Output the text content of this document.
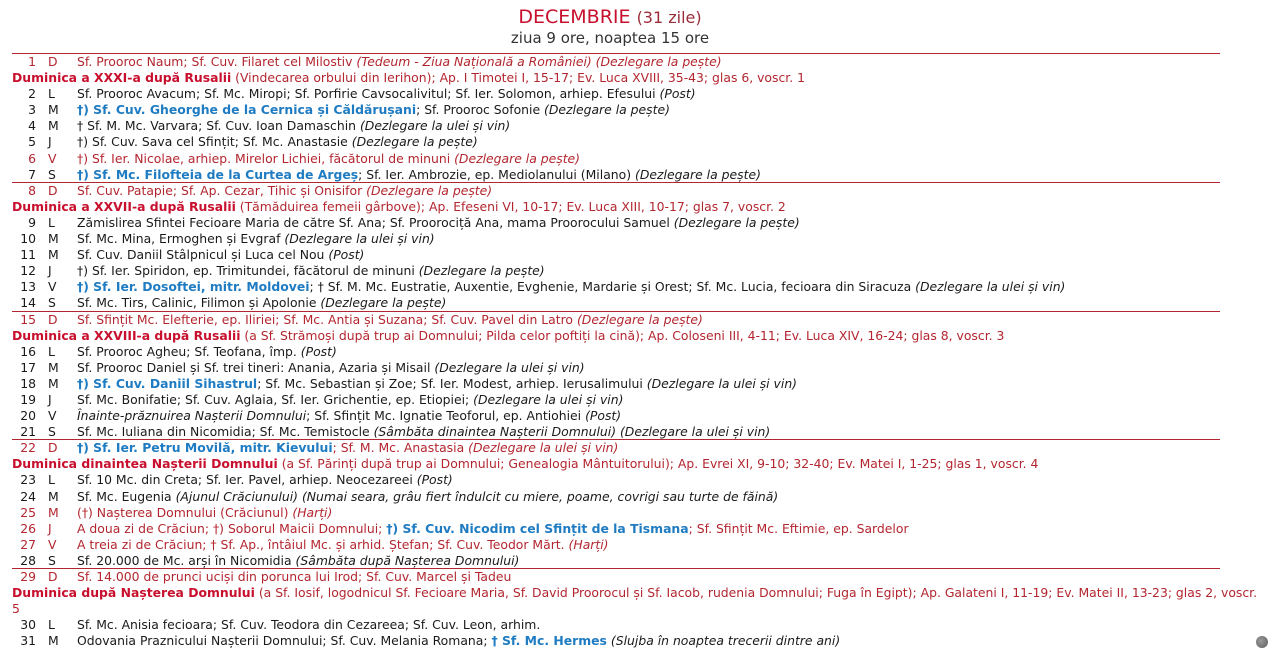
DECEMBRIE (31 zile)
ziua 9 ore, noaptea 15 ore
1 D	Sf. Prooroc Naum; Sf. Cuv. Filaret cel Milostiv (Tedeum - Ziua Națională a României) (Dezlegare la pește)
Duminica a XXXI-a după Rusalii (Vindecarea orbului din Ierihon); Ap. I Timotei I, 15-17; Ev. Luca XVIII, 35-43; glas 6, voscr. 1
2 L	Sf. Prooroc Avacum; Sf. Mc. Miropi; Sf. Porfirie Cavsocalivitul; Sf. Ier. Solomon, arhiep. Efesului (Post)
3 M	†) Sf. Cuv. Gheorghe de la Cernica și Căldărușani; Sf. Prooroc Sofonie (Dezlegare la pește)
4 M	† Sf. M. Mc. Varvara; Sf. Cuv. Ioan Damaschin (Dezlegare la ulei și vin)
5 J	†) Sf. Cuv. Sava cel Sfințit; Sf. Mc. Anastasie (Dezlegare la pește)
6 V	†) Sf. Ier. Nicolae, arhiep. Mirelor Lichiei, făcătorul de minuni (Dezlegare la pește)
7 S	†) Sf. Mc. Filofteia de la Curtea de Argeș; Sf. Ier. Ambrozie, ep. Mediolanului (Milano) (Dezlegare la pește)
8 D	Sf. Cuv. Patapie; Sf. Ap. Cezar, Tihic și Onisifor (Dezlegare la pește)
Duminica a XXVII-a după Rusalii (Tămăduirea femeii gârbove); Ap. Efeseni VI, 10-17; Ev. Luca XIII, 10-17; glas 7, voscr. 2
9 L	Zămislirea Sfintei Fecioare Maria de către Sf. Ana; Sf. Proorociță Ana, mama Proorocului Samuel (Dezlegare la pește)
10 M	Sf. Mc. Mina, Ermoghen și Evgraf (Dezlegare la ulei și vin)
11 M	Sf. Cuv. Daniil Stâlpnicul și Luca cel Nou (Post)
12 J	†) Sf. Ier. Spiridon, ep. Trimitundei, făcătorul de minuni (Dezlegare la pește)
13 V	†) Sf. Ier. Dosoftei, mitr. Moldovei; † Sf. M. Mc. Eustratie, Auxentie, Evghenie, Mardarie și Orest; Sf. Mc. Lucia, fecioara din Siracuza (Dezlegare la ulei și vin)
14 S	Sf. Mc. Tirs, Calinic, Filimon și Apolonie (Dezlegare la pește)
15 D	Sf. Sfințit Mc. Elefterie, ep. Iliriei; Sf. Mc. Antia și Suzana; Sf. Cuv. Pavel din Latro (Dezlegare la pește)
Duminica a XXVIII-a după Rusalii (a Sf. Strămoși după trup ai Domnului; Pilda celor poftiți la cină); Ap. Coloseni III, 4-11; Ev. Luca XIV, 16-24; glas 8, voscr. 3
16 L	Sf. Prooroc Agheu; Sf. Teofana, împ. (Post)
17 M	Sf. Prooroc Daniel și Sf. trei tineri: Anania, Azaria și Misail (Dezlegare la ulei și vin)
18 M	†) Sf. Cuv. Daniil Sihastrul; Sf. Mc. Sebastian și Zoe; Sf. Ier. Modest, arhiep. Ierusalimului (Dezlegare la ulei și vin)
19 J	Sf. Mc. Bonifatie; Sf. Cuv. Aglaia, Sf. Ier. Grichentie, ep. Etiopiei; (Dezlegare la ulei și vin)
20 V	Înainte-prăznuirea Nașterii Domnului; Sf. Sfințit Mc. Ignatie Teoforul, ep. Antiohiei (Post)
21 S	Sf. Mc. Iuliana din Nicomidia; Sf. Mc. Temistocle (Sâmbăta dinaintea Nașterii Domnului) (Dezlegare la ulei și vin)
22 D	†) Sf. Ier. Petru Movilă, mitr. Kievului; Sf. M. Mc. Anastasia (Dezlegare la ulei și vin)
Duminica dinaintea Nașterii Domnului (a Sf. Părinți după trup ai Domnului; Genealogia Mântuitorului); Ap. Evrei XI, 9-10; 32-40; Ev. Matei I, 1-25; glas 1, voscr. 4
23 L	Sf. 10 Mc. din Creta; Sf. Ier. Pavel, arhiep. Neocezareei (Post)
24 M	Sf. Mc. Eugenia (Ajunul Crăciunului) (Numai seara, grâu fiert îndulcit cu miere, poame, covrigi sau turte de făină)
25 M	(†) Nașterea Domnului (Crăciunul) (Harți)
26 J	A doua zi de Crăciun; †) Soborul Maicii Domnului; †) Sf. Cuv. Nicodim cel Sfințit de la Tismana; Sf. Sfințit Mc. Eftimie, ep. Sardelor
27 V	A treia zi de Crăciun; † Sf. Ap., întâiul Mc. și arhid. Ștefan; Sf. Cuv. Teodor Mărt. (Harți)
28 S	Sf. 20.000 de Mc. arși în Nicomidia (Sâmbăta după Nașterea Domnului)
29 D	Sf. 14.000 de prunci uciși din porunca lui Irod; Sf. Cuv. Marcel și Tadeu
Duminica după Nașterea Domnului (a Sf. Iosif, logodnicul Sf. Fecioare Maria, Sf. David Proorocul și Sf. Iacob, rudenia Domnului; Fuga în Egipt); Ap. Galateni I, 11-19; Ev. Matei II, 13-23; glas 2, voscr. 5
30 L	Sf. Mc. Anisia fecioara; Sf. Cuv. Teodora din Cezareea; Sf. Cuv. Leon, arhim.
31 M	Odovania Praznicului Nașterii Domnului; Sf. Cuv. Melania Romana; † Sf. Mc. Hermes (Slujba în noaptea trecerii dintre ani)
